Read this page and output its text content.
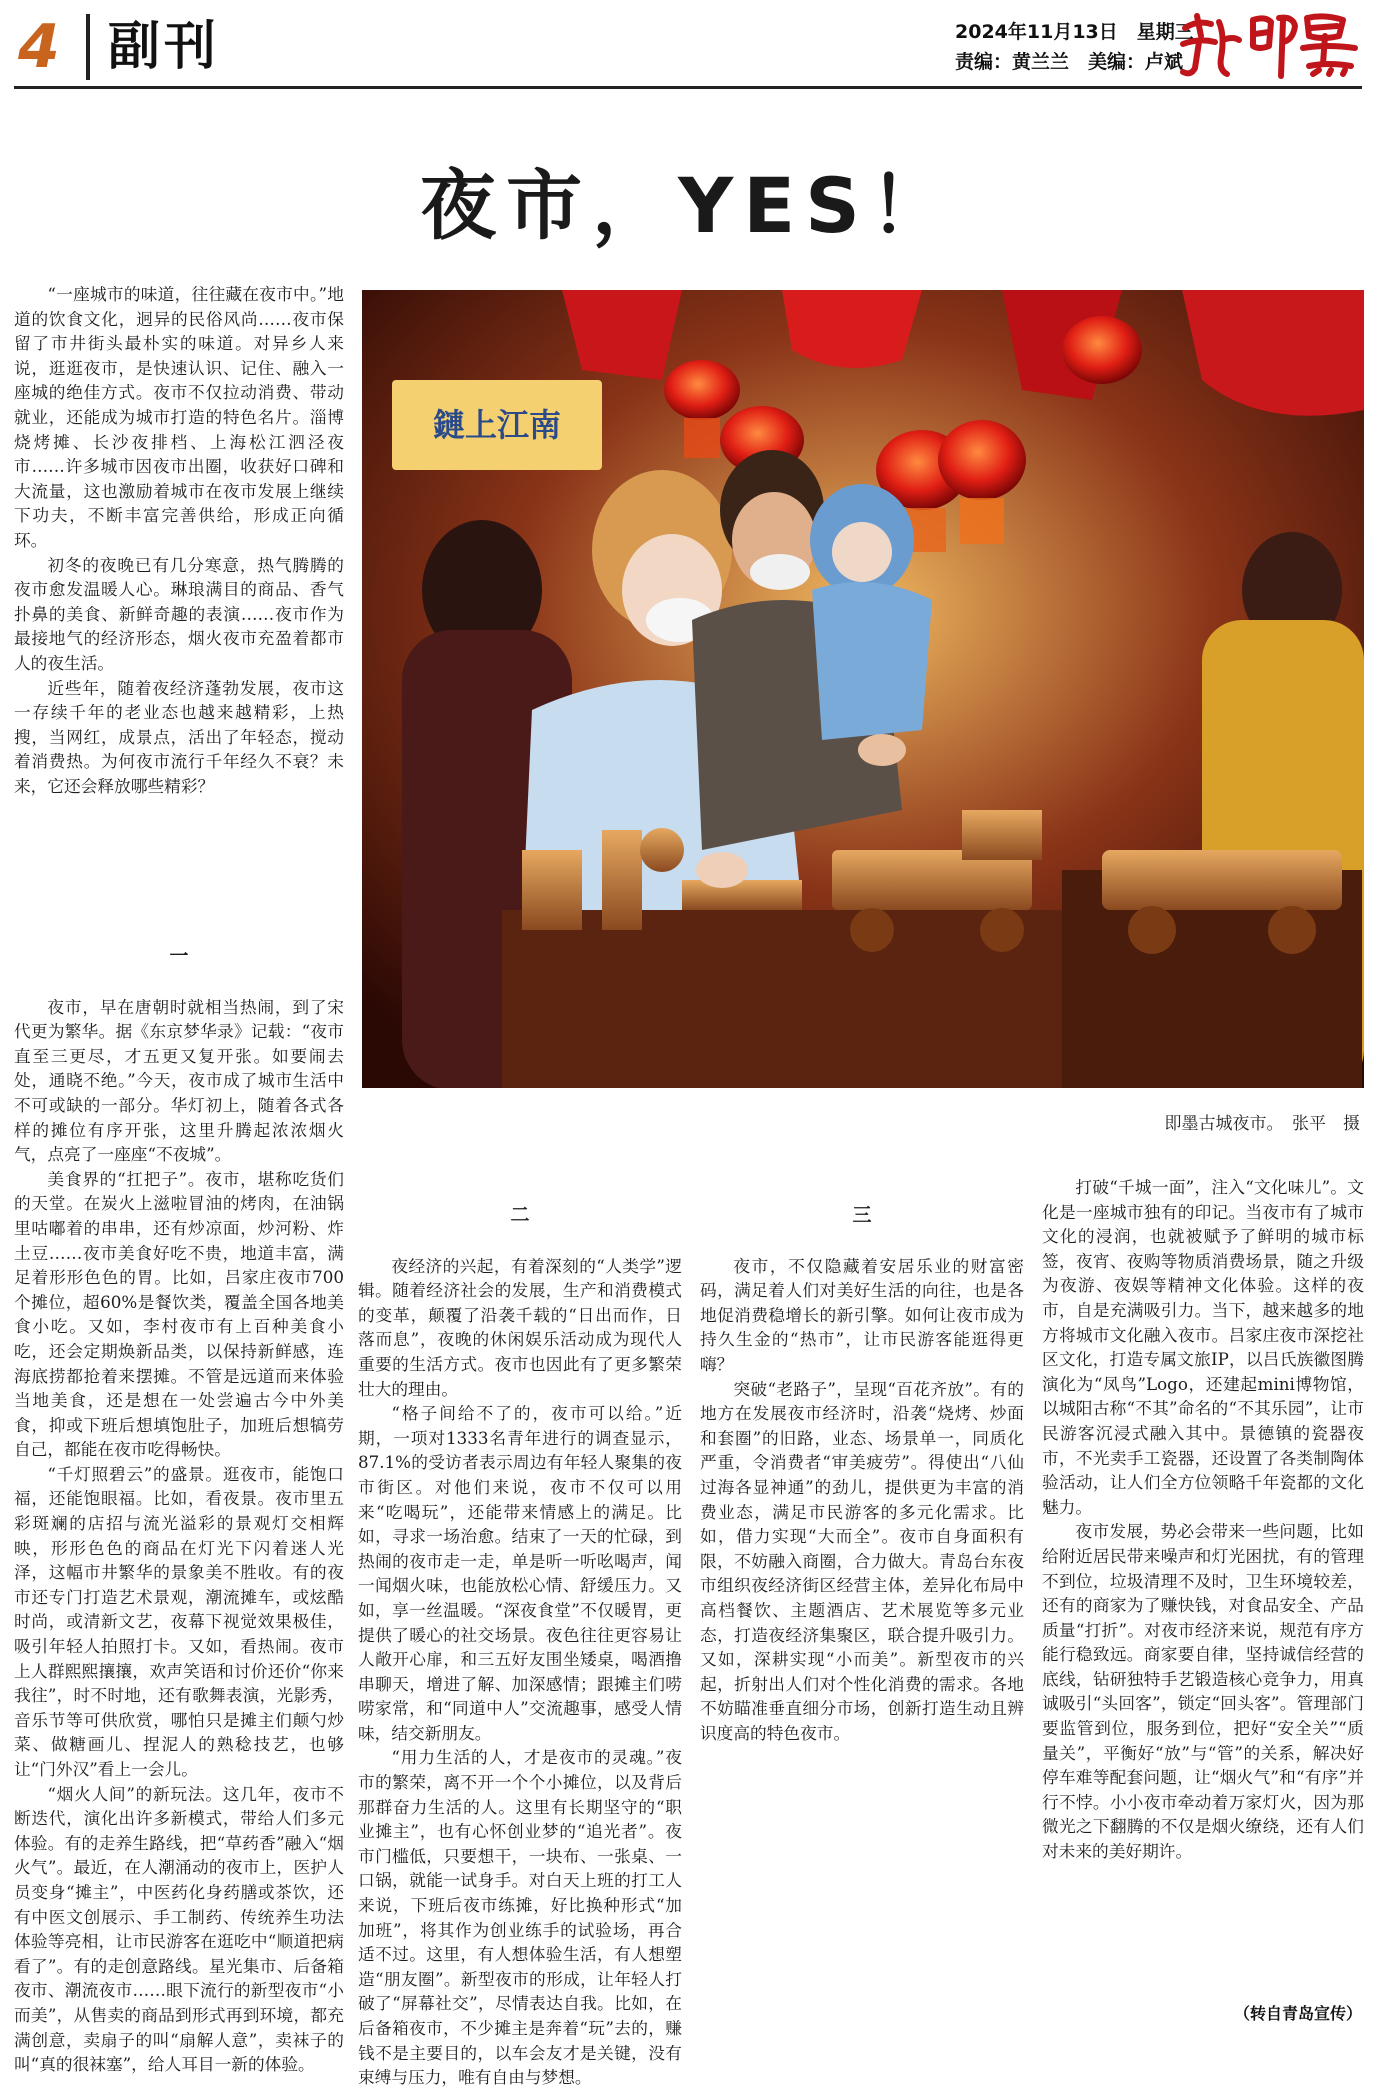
4 副刊	2024年11月13日　星期三
责编：黄兰兰　美编：卢斌
夜市，YES！
鏈上江南
即墨古城夜市。　张平　摄

“一座城市的味道，往往藏在夜市中。”地道的饮食文化，迥异的民俗风尚……夜市保留了市井街头最朴实的味道。对异乡人来说，逛逛夜市，是快速认识、记住、融入一座城的绝佳方式。夜市不仅拉动消费、带动就业，还能成为城市打造的特色名片。淄博烧烤摊、长沙夜排档、上海松江泗泾夜市……许多城市因夜市出圈，收获好口碑和大流量，这也激励着城市在夜市发展上继续下功夫，不断丰富完善供给，形成正向循环。

初冬的夜晚已有几分寒意，热气腾腾的夜市愈发温暖人心。琳琅满目的商品、香气扑鼻的美食、新鲜奇趣的表演……夜市作为最接地气的经济形态，烟火夜市充盈着都市人的夜生活。

近些年，随着夜经济蓬勃发展，夜市这一存续千年的老业态也越来越精彩，上热搜，当网红，成景点，活出了年轻态，搅动着消费热。为何夜市流行千年经久不衰？未来，它还会释放哪些精彩？

一

夜市，早在唐朝时就相当热闹，到了宋代更为繁华。据《东京梦华录》记载：“夜市直至三更尽，才五更又复开张。如要闹去处，通晓不绝。”今天，夜市成了城市生活中不可或缺的一部分。华灯初上，随着各式各样的摊位有序开张，这里升腾起浓浓烟火气，点亮了一座座“不夜城”。

美食界的“扛把子”。夜市，堪称吃货们的天堂。在炭火上滋啦冒油的烤肉，在油锅里咕嘟着的串串，还有炒凉面，炒河粉、炸土豆……夜市美食好吃不贵，地道丰富，满足着形形色色的胃。比如，吕家庄夜市700个摊位，超60%是餐饮类，覆盖全国各地美食小吃。又如，李村夜市有上百种美食小吃，还会定期焕新品类，以保持新鲜感，连海底捞都抢着来摆摊。不管是远道而来体验当地美食，还是想在一处尝遍古今中外美食，抑或下班后想填饱肚子，加班后想犒劳自己，都能在夜市吃得畅快。

“千灯照碧云”的盛景。逛夜市，能饱口福，还能饱眼福。比如，看夜景。夜市里五彩斑斓的店招与流光溢彩的景观灯交相辉映，形形色色的商品在灯光下闪着迷人光泽，这幅市井繁华的景象美不胜收。有的夜市还专门打造艺术景观，潮流摊车，或炫酷时尚，或清新文艺，夜幕下视觉效果极佳，吸引年轻人拍照打卡。又如，看热闹。夜市上人群熙熙攘攘，欢声笑语和讨价还价“你来我往”，时不时地，还有歌舞表演，光影秀，音乐节等可供欣赏，哪怕只是摊主们颠勺炒菜、做糖画儿、捏泥人的熟稔技艺，也够让“门外汉”看上一会儿。

“烟火人间”的新玩法。这几年，夜市不断迭代，演化出许多新模式，带给人们多元体验。有的走养生路线，把“草药香”融入“烟火气”。最近，在人潮涌动的夜市上，医护人员变身“摊主”，中医药化身药膳或茶饮，还有中医文创展示、手工制药、传统养生功法体验等亮相，让市民游客在逛吃中“顺道把病看了”。有的走创意路线。星光集市、后备箱夜市、潮流夜市……眼下流行的新型夜市“小而美”，从售卖的商品到形式再到环境，都充满创意，卖扇子的叫“扇解人意”，卖袜子的叫“真的很袜塞”，给人耳目一新的体验。

二

夜经济的兴起，有着深刻的“人类学”逻辑。随着经济社会的发展，生产和消费模式的变革，颠覆了沿袭千载的“日出而作，日落而息”，夜晚的休闲娱乐活动成为现代人重要的生活方式。夜市也因此有了更多繁荣壮大的理由。

“格子间给不了的，夜市可以给。”近期，一项对1333名青年进行的调查显示，87.1%的受访者表示周边有年轻人聚集的夜市街区。对他们来说，夜市不仅可以用来“吃喝玩”，还能带来情感上的满足。比如，寻求一场治愈。结束了一天的忙碌，到热闹的夜市走一走，单是听一听吆喝声，闻一闻烟火味，也能放松心情、舒缓压力。又如，享一丝温暖。“深夜食堂”不仅暖胃，更提供了暖心的社交场景。夜色往往更容易让人敞开心扉，和三五好友围坐矮桌，喝酒撸串聊天，增进了解、加深感情；跟摊主们唠唠家常，和“同道中人”交流趣事，感受人情味，结交新朋友。

“用力生活的人，才是夜市的灵魂。”夜市的繁荣，离不开一个个小摊位，以及背后那群奋力生活的人。这里有长期坚守的“职业摊主”，也有心怀创业梦的“追光者”。夜市门槛低，只要想干，一块布、一张桌、一口锅，就能一试身手。对白天上班的打工人来说，下班后夜市练摊，好比换种形式“加加班”，将其作为创业练手的试验场，再合适不过。这里，有人想体验生活，有人想塑造“朋友圈”。新型夜市的形成，让年轻人打破了“屏幕社交”，尽情表达自我。比如，在后备箱夜市，不少摊主是奔着“玩”去的，赚钱不是主要目的，以车会友才是关键，没有束缚与压力，唯有自由与梦想。

三

夜市，不仅隐藏着安居乐业的财富密码，满足着人们对美好生活的向往，也是各地促消费稳增长的新引擎。如何让夜市成为持久生金的“热市”，让市民游客能逛得更嗨？

突破“老路子”，呈现“百花齐放”。有的地方在发展夜市经济时，沿袭“烧烤、炒面和套圈”的旧路，业态、场景单一，同质化严重，令消费者“审美疲劳”。得使出“八仙过海各显神通”的劲儿，提供更为丰富的消费业态，满足市民游客的多元化需求。比如，借力实现“大而全”。夜市自身面积有限，不妨融入商圈，合力做大。青岛台东夜市组织夜经济街区经营主体，差异化布局中高档餐饮、主题酒店、艺术展览等多元业态，打造夜经济集聚区，联合提升吸引力。又如，深耕实现“小而美”。新型夜市的兴起，折射出人们对个性化消费的需求。各地不妨瞄准垂直细分市场，创新打造生动且辨识度高的特色夜市。

打破“千城一面”，注入“文化味儿”。文化是一座城市独有的印记。当夜市有了城市文化的浸润，也就被赋予了鲜明的城市标签，夜宵、夜购等物质消费场景，随之升级为夜游、夜娱等精神文化体验。这样的夜市，自是充满吸引力。当下，越来越多的地方将城市文化融入夜市。吕家庄夜市深挖社区文化，打造专属文旅IP，以吕氏族徽图腾演化为“凤鸟”Logo，还建起mini博物馆，以城阳古称“不其”命名的“不其乐园”，让市民游客沉浸式融入其中。景德镇的瓷器夜市，不光卖手工瓷器，还设置了各类制陶体验活动，让人们全方位领略千年瓷都的文化魅力。

夜市发展，势必会带来一些问题，比如给附近居民带来噪声和灯光困扰，有的管理不到位，垃圾清理不及时，卫生环境较差，还有的商家为了赚快钱，对食品安全、产品质量“打折”。对夜市经济来说，规范有序方能行稳致远。商家要自律，坚持诚信经营的底线，钻研独特手艺锻造核心竞争力，用真诚吸引“头回客”，锁定“回头客”。管理部门要监管到位，服务到位，把好“安全关”“质量关”，平衡好“放”与“管”的关系，解决好停车难等配套问题，让“烟火气”和“有序”并行不悖。小小夜市牵动着万家灯火，因为那微光之下翻腾的不仅是烟火缭绕，还有人们对未来的美好期许。

（转自青岛宣传）
